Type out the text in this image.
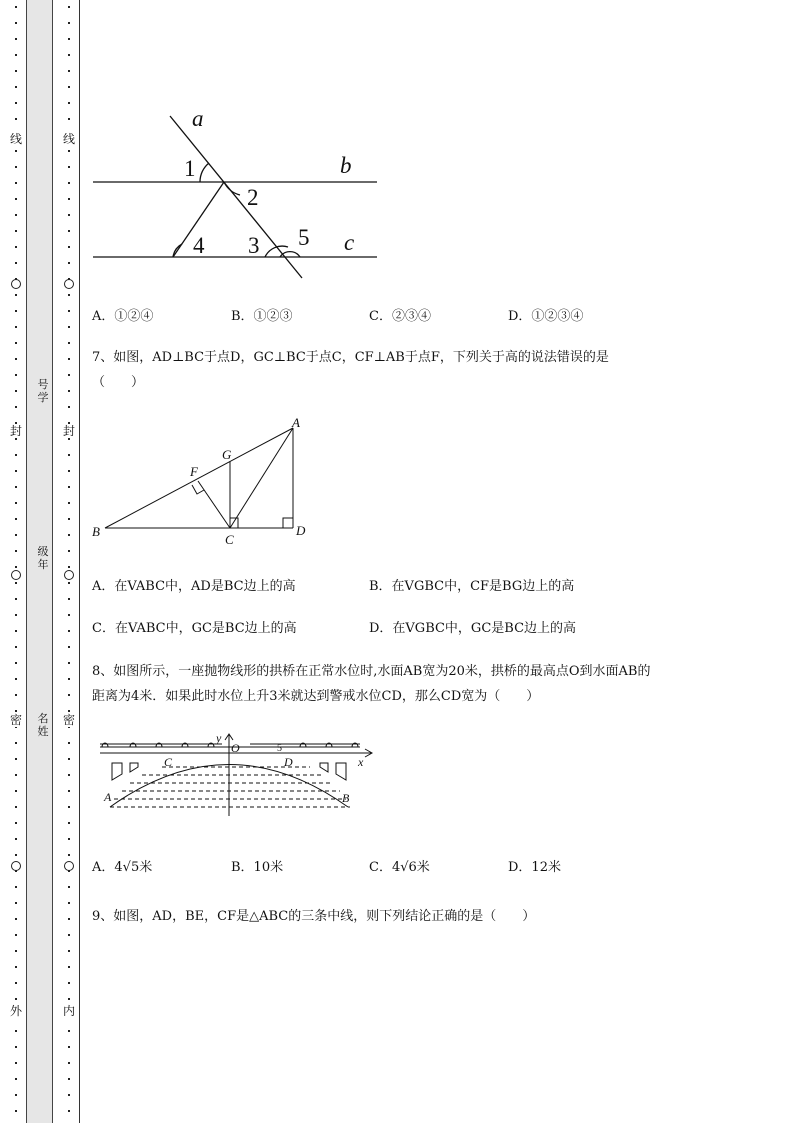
线
封
密
外
线
封
密
内
号学
级年
名姓
a
b
c
1
2
3
4	5
A．①②④	B．①②③	C．②③④	D．①②③④
7、如图，AD⊥BC于点D，GC⊥BC于点C，CF⊥AB于点F，下列关于高的说法错误的是
（　　）
A
B
C
D
F
G
A．在VABC中，AD是BC边上的高	B．在VGBC中，CF是BG边上的高
C．在VABC中，GC是BC边上的高	D．在VGBC中，GC是BC边上的高
8、如图所示，一座抛物线形的拱桥在正常水位时,水面AB宽为20米，拱桥的最高点O到水面AB的
距离为4米．如果此时水位上升3米就达到警戒水位CD，那么CD宽为（　　）
y
O
C	D
A	B
x
5
A．4√5米	B．10米	C．4√6米	D．12米
9、如图，AD，BE，CF是△ABC的三条中线，则下列结论正确的是（　　）
